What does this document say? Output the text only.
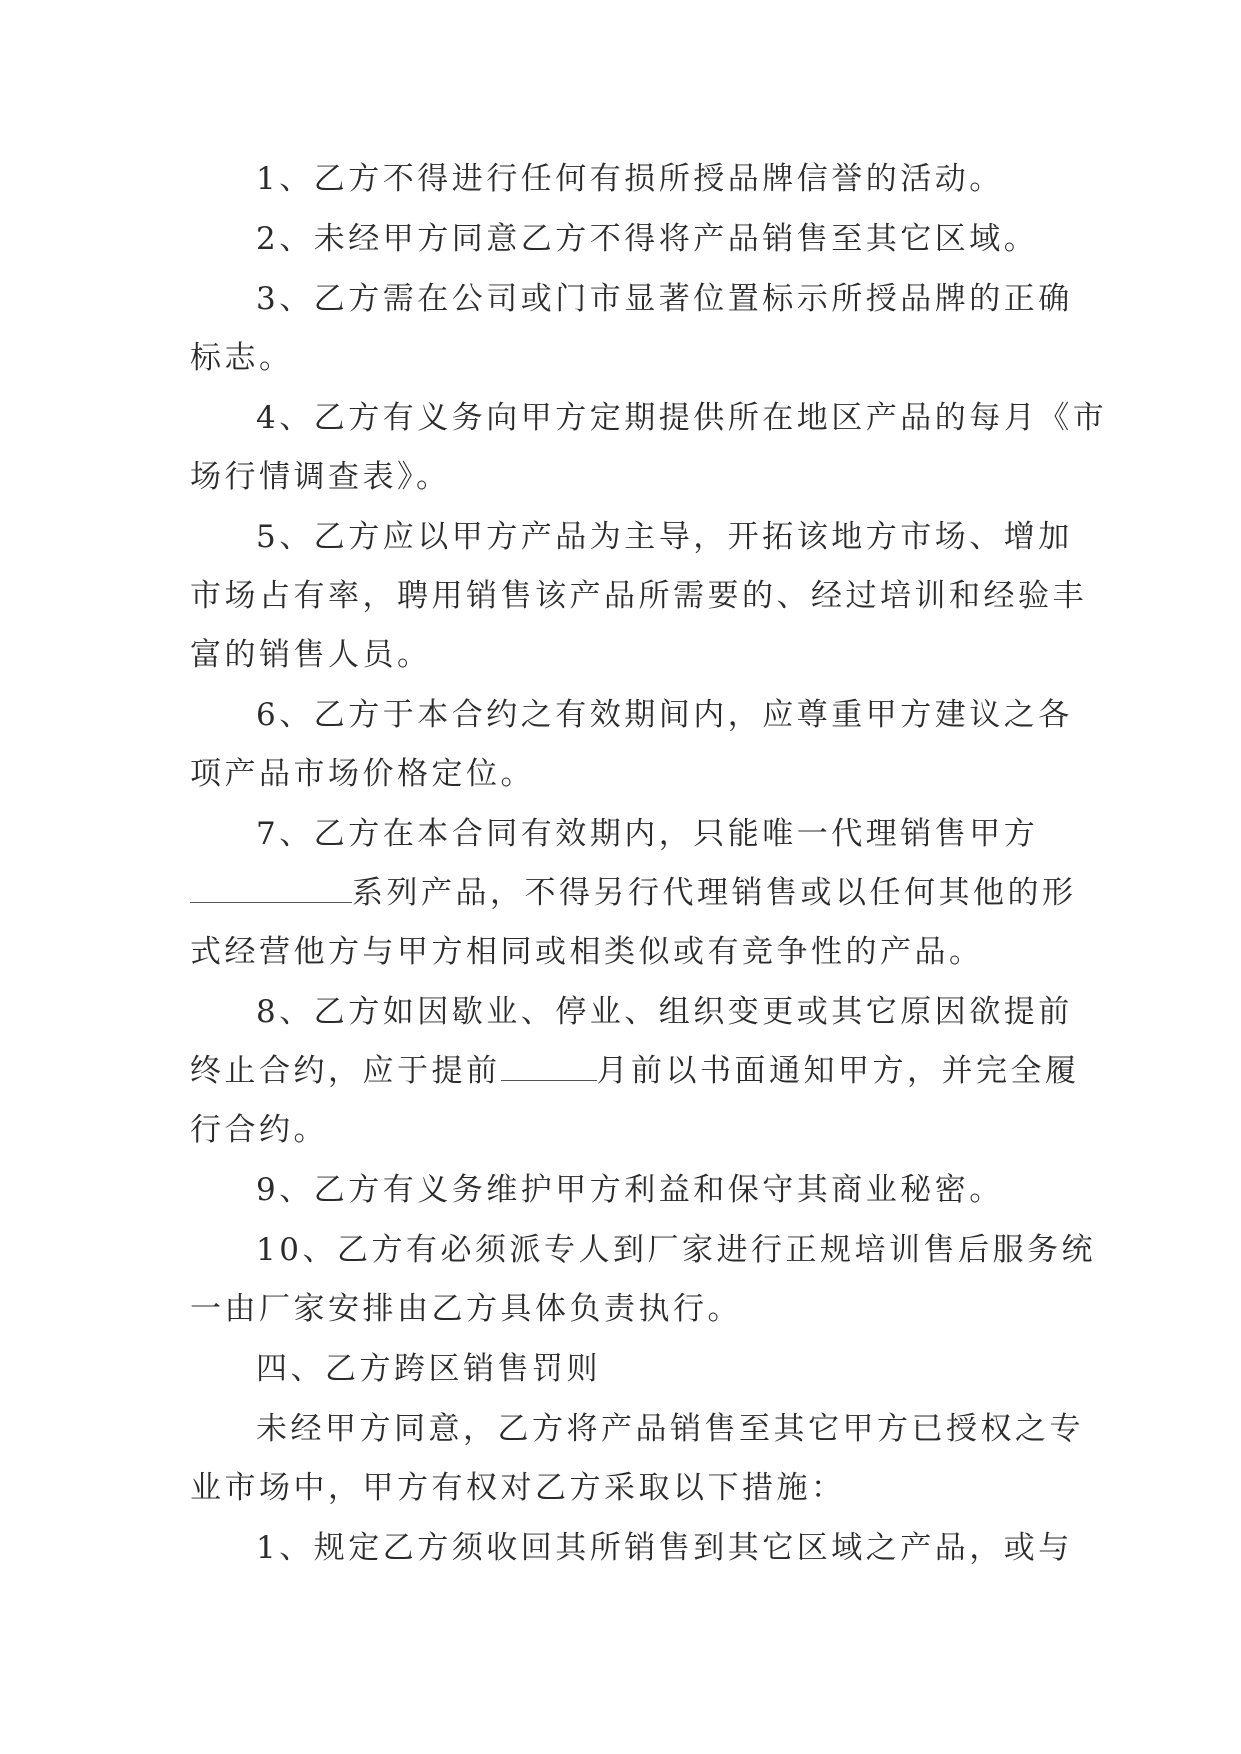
1、乙方不得进行任何有损所授品牌信誉的活动。
2、未经甲方同意乙方不得将产品销售至其它区域。
3、乙方需在公司或门市显著位置标示所授品牌的正确
标志。
4、乙方有义务向甲方定期提供所在地区产品的每月《市
场行情调查表》。
5、乙方应以甲方产品为主导，开拓该地方市场、增加
市场占有率，聘用销售该产品所需要的、经过培训和经验丰
富的销售人员。
6、乙方于本合约之有效期间内，应尊重甲方建议之各
项产品市场价格定位。
7、乙方在本合同有效期内，只能唯一代理销售甲方
系列产品，不得另行代理销售或以任何其他的形
式经营他方与甲方相同或相类似或有竞争性的产品。
8、乙方如因歇业、停业、组织变更或其它原因欲提前
终止合约，应于提前	月前以书面通知甲方，并完全履
行合约。
9、乙方有义务维护甲方利益和保守其商业秘密。
10、乙方有必须派专人到厂家进行正规培训售后服务统
一由厂家安排由乙方具体负责执行。
四、乙方跨区销售罚则
未经甲方同意，乙方将产品销售至其它甲方已授权之专
业市场中，甲方有权对乙方采取以下措施：
1、规定乙方须收回其所销售到其它区域之产品，或与
